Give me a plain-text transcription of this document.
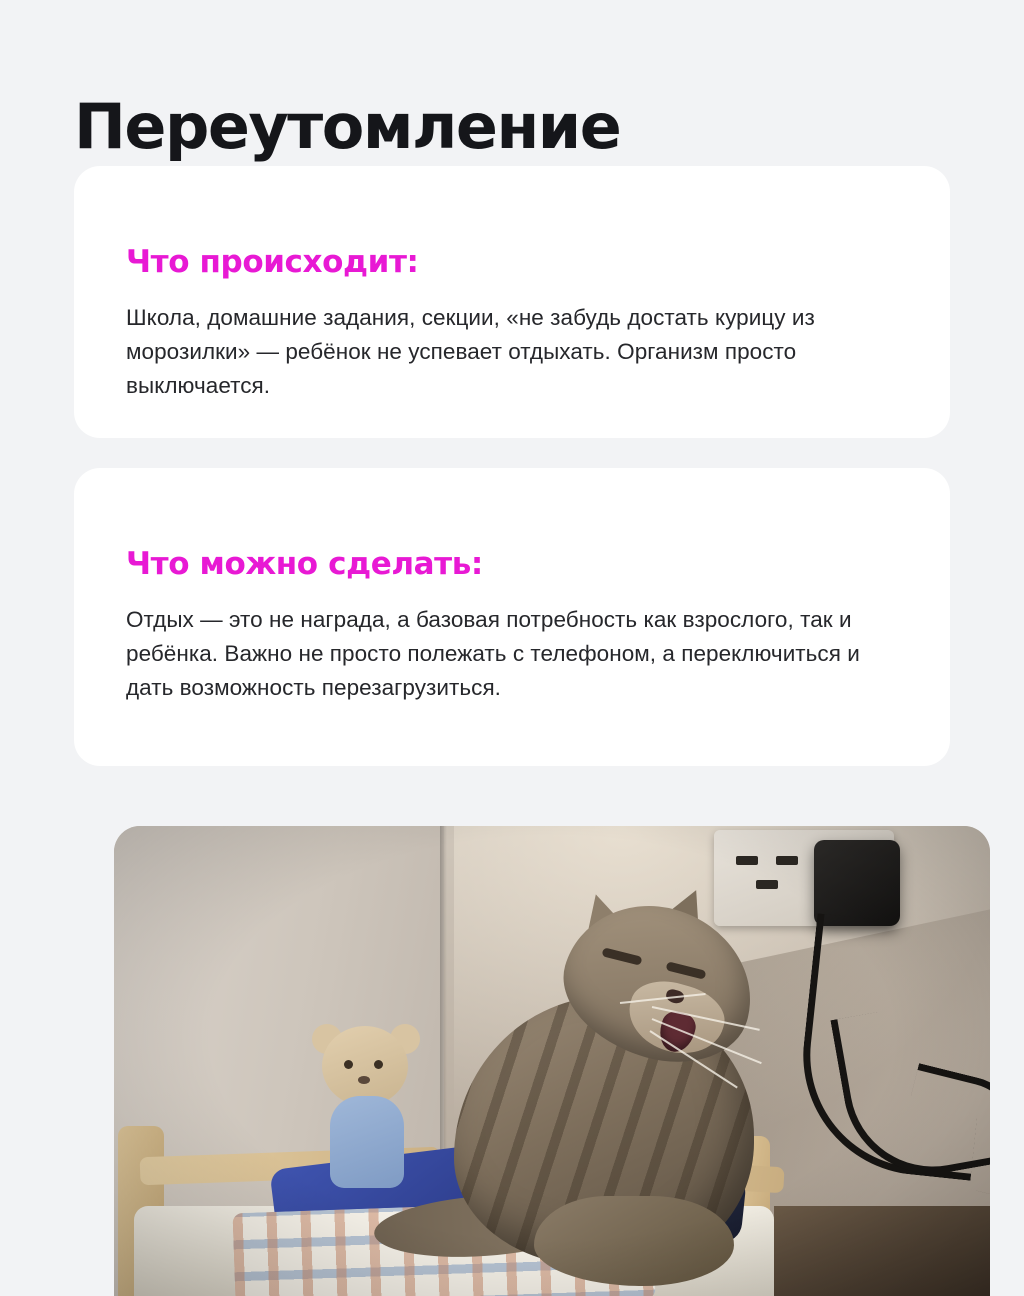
Переутомление
Что происходит:

Школа, домашние задания, секции, «не забудь достать курицу из морозилки» — ребёнок не успевает отдыхать. Организм просто выключается.

Что можно сделать:

Отдых — это не награда, а базовая потребность как взрослого, так и ребёнка. Важно не просто полежать с телефоном, а переключиться и дать возможность перезагрузиться.
